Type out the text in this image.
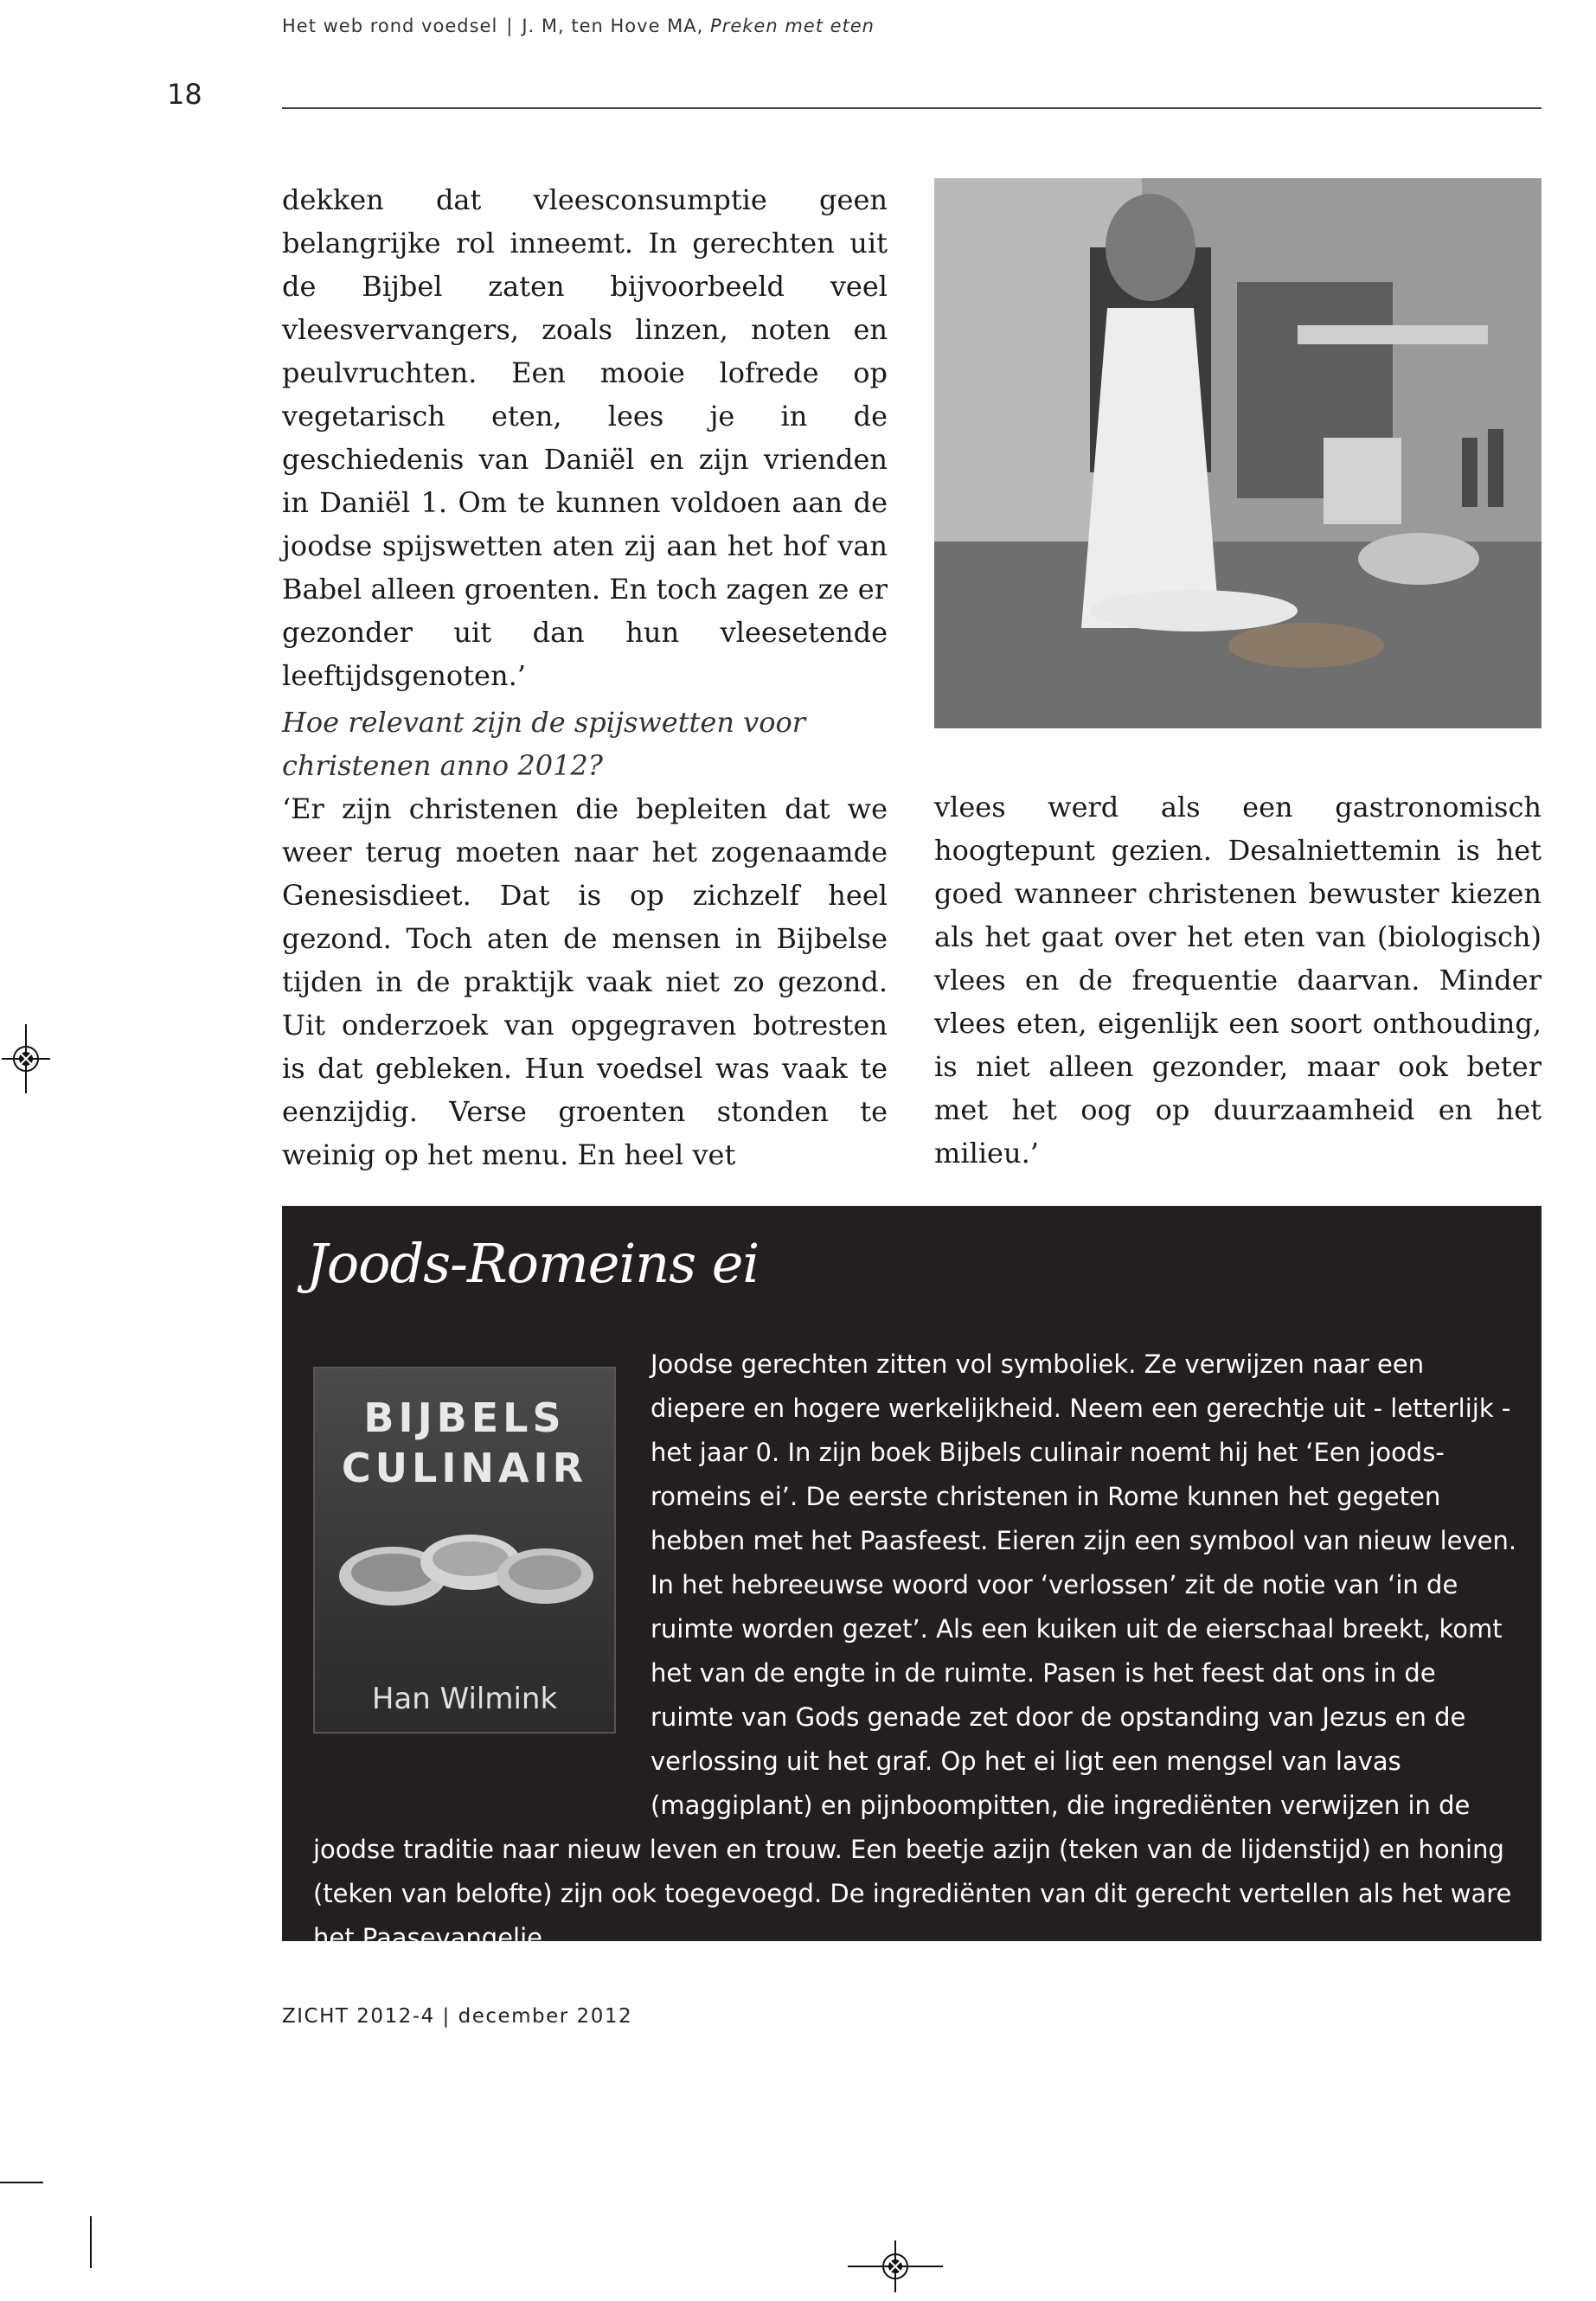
Het web rond voedsel | J. M, ten Hove MA, Preken met eten
18

dekken dat vleesconsumptie geen belangrijke rol inneemt. In gerechten uit de Bijbel zaten bijvoorbeeld veel vleesvervangers, zoals linzen, noten en peulvruchten. Een mooie lofrede op vegetarisch eten, lees je in de geschiedenis van Daniël en zijn vrienden in Daniël 1. Om te kunnen voldoen aan de joodse spijswetten aten zij aan het hof van Babel alleen groenten. En toch zagen ze er gezonder uit dan hun vleesetende leeftijdsgenoten.’

Hoe relevant zijn de spijswetten voor christenen anno 2012?

‘Er zijn christenen die bepleiten dat we weer terug moeten naar het zogenaamde Genesisdieet. Dat is op zichzelf heel gezond. Toch aten de mensen in Bijbelse tijden in de praktijk vaak niet zo gezond. Uit onderzoek van opgegraven botresten is dat gebleken. Hun voedsel was vaak te eenzijdig. Verse groenten stonden te weinig op het menu. En heel vet

vlees werd als een gastronomisch hoogtepunt gezien. Desalniettemin is het goed wanneer christenen bewuster kiezen als het gaat over het eten van (biologisch) vlees en de frequentie daarvan. Minder vlees eten, eigenlijk een soort onthouding, is niet alleen gezonder, maar ook beter met het oog op duurzaamheid en het milieu.’

Joods-Romeins ei
BIJBELS
CULINAIR
Han Wilmink

Joodse gerechten zitten vol symboliek. Ze verwijzen naar een diepere en hogere werkelijkheid. Neem een gerechtje uit - letterlijk - het jaar 0. In zijn boek Bijbels culinair noemt hij het ‘Een joods-romeins ei’. De eerste christenen in Rome kunnen het gegeten hebben met het Paasfeest. Eieren zijn een symbool van nieuw leven. In het hebreeuwse woord voor ‘verlossen’ zit de notie van ‘in de ruimte worden gezet’. Als een kuiken uit de eierschaal breekt, komt het van de engte in de ruimte. Pasen is het feest dat ons in de ruimte van Gods genade zet door de opstanding van Jezus en de verlossing uit het graf. Op het ei ligt een mengsel van lavas (maggiplant) en pijnboompitten, die ingrediënten verwijzen in de joodse traditie naar nieuw leven en trouw. Een beetje azijn (teken van de lijdenstijd) en honing (teken van belofte) zijn ook toegevoegd. De ingrediënten van dit gerecht vertellen als het ware het Paasevangelie.

ZICHT 2012-4 | december 2012
